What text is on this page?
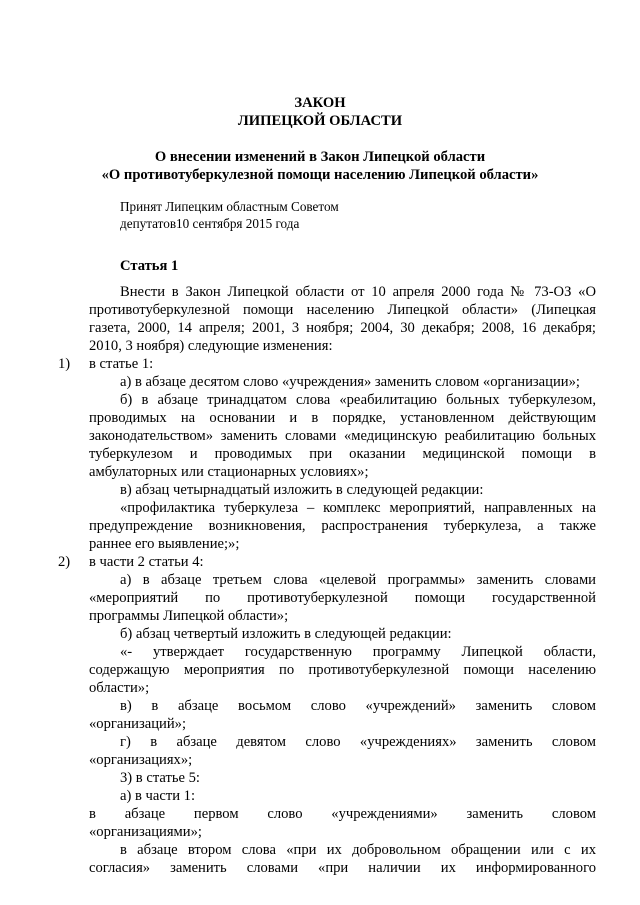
ЗАКОН
ЛИПЕЦКОЙ ОБЛАСТИ
О внесении изменений в Закон Липецкой области
«О противотуберкулезной помощи населению Липецкой области»
Принят Липецким областным Советом
депутатов10 сентября 2015 года
Статья 1
Внести в Закон Липецкой области от 10 апреля 2000 года № 73-ОЗ «О
противотуберкулезной помощи населению Липецкой области» (Липецкая
газета, 2000, 14 апреля; 2001, 3 ноября; 2004, 30 декабря; 2008, 16 декабря;
2010, 3 ноября) следующие изменения:
1) в статье 1:
а) в абзаце десятом слово «учреждения» заменить словом «организации»;
б) в абзаце тринадцатом слова «реабилитацию больных туберкулезом,
проводимых на основании и в порядке, установленном действующим
законодательством» заменить словами «медицинскую реабилитацию больных
туберкулезом и проводимых при оказании медицинской помощи в
амбулаторных или стационарных условиях»;
в) абзац четырнадцатый изложить в следующей редакции:
«профилактика туберкулеза – комплекс мероприятий, направленных на
предупреждение возникновения, распространения туберкулеза, а также
раннее его выявление;»;
2) в части 2 статьи 4:
а) в абзаце третьем слова «целевой программы» заменить словами
«мероприятий по противотуберкулезной помощи государственной
программы Липецкой области»;
б) абзац четвертый изложить в следующей редакции:
«- утверждает государственную программу Липецкой области,
содержащую мероприятия по противотуберкулезной помощи населению
области»;
в) в абзаце восьмом слово «учреждений» заменить словом
«организаций»;
г) в абзаце девятом слово «учреждениях» заменить словом
«организациях»;
3) в статье 5:
а) в части 1:
в абзаце первом слово «учреждениями» заменить словом
«организациями»;
в абзаце втором слова «при их добровольном обращении или с их
согласия» заменить словами «при наличии их информированного
